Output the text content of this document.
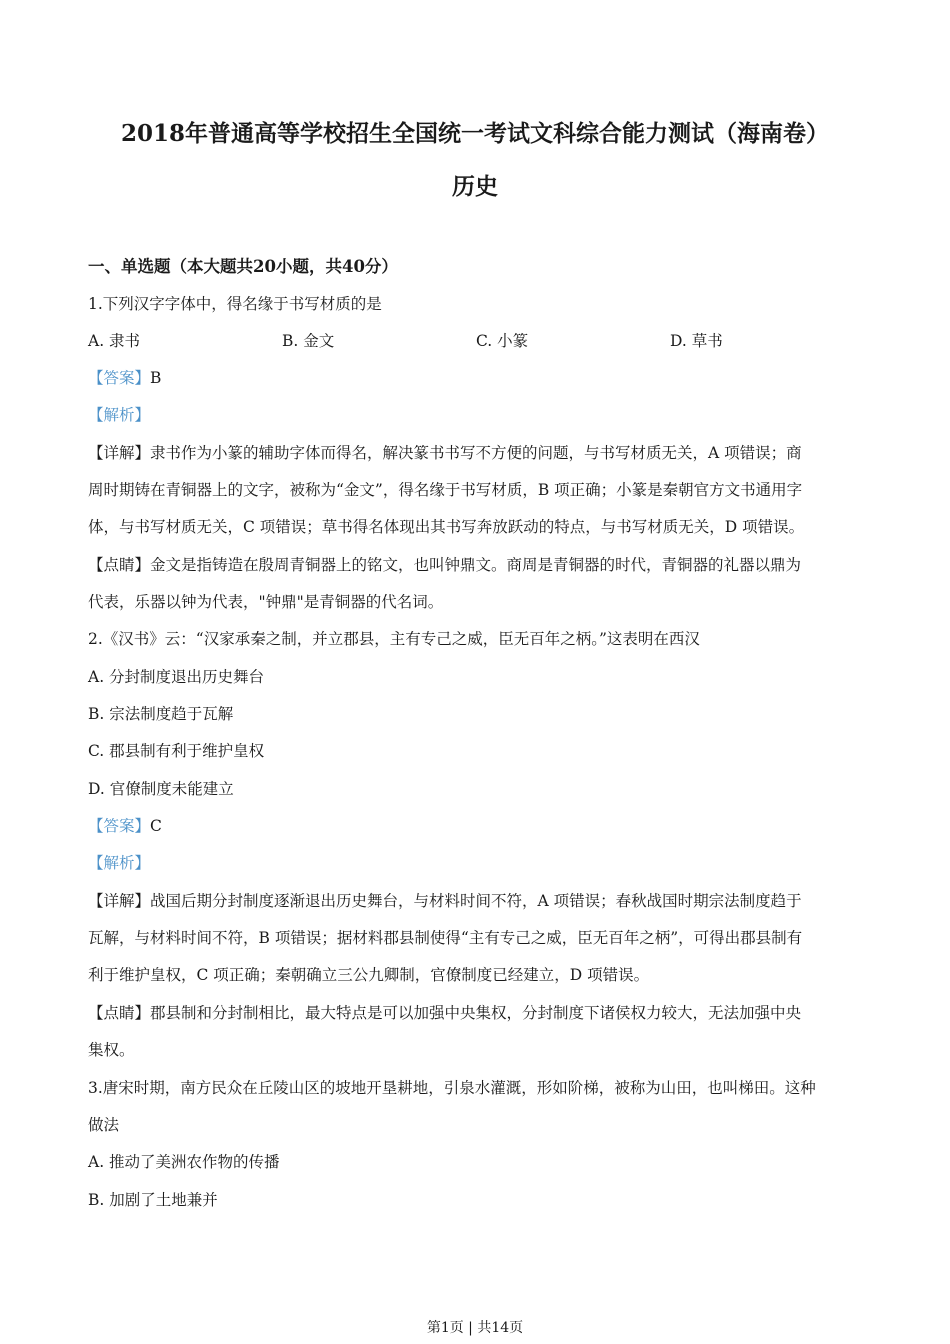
2018年普通高等学校招生全国统一考试文科综合能力测试（海南卷）
历史
一、单选题（本大题共20小题，共40分）
1.下列汉字字体中，得名缘于书写材质的是
A. 隶书	B. 金文	C. 小篆	D. 草书
【答案】B
【解析】
【详解】隶书作为小篆的辅助字体而得名，解决篆书书写不方便的问题，与书写材质无关，A 项错误；商
周时期铸在青铜器上的文字，被称为“金文”，得名缘于书写材质，B 项正确；小篆是秦朝官方文书通用字
体，与书写材质无关，C 项错误；草书得名体现出其书写奔放跃动的特点，与书写材质无关，D 项错误。
【点睛】金文是指铸造在殷周青铜器上的铭文，也叫钟鼎文。商周是青铜器的时代，青铜器的礼器以鼎为
代表，乐器以钟为代表，"钟鼎"是青铜器的代名词。
2.《汉书》云：“汉家承秦之制，并立郡县，主有专己之威，臣无百年之柄。”这表明在西汉
A. 分封制度退出历史舞台
B. 宗法制度趋于瓦解
C. 郡县制有利于维护皇权
D. 官僚制度未能建立
【答案】C
【解析】
【详解】战国后期分封制度逐渐退出历史舞台，与材料时间不符，A 项错误；春秋战国时期宗法制度趋于
瓦解，与材料时间不符，B 项错误；据材料郡县制使得“主有专己之威，臣无百年之柄”，可得出郡县制有
利于维护皇权，C 项正确；秦朝确立三公九卿制，官僚制度已经建立，D 项错误。
【点睛】郡县制和分封制相比，最大特点是可以加强中央集权，分封制度下诸侯权力较大，无法加强中央
集权。
3.唐宋时期，南方民众在丘陵山区的坡地开垦耕地，引泉水灌溉，形如阶梯，被称为山田，也叫梯田。这种
做法
A. 推动了美洲农作物的传播
B. 加剧了土地兼并
第1页 | 共14页
